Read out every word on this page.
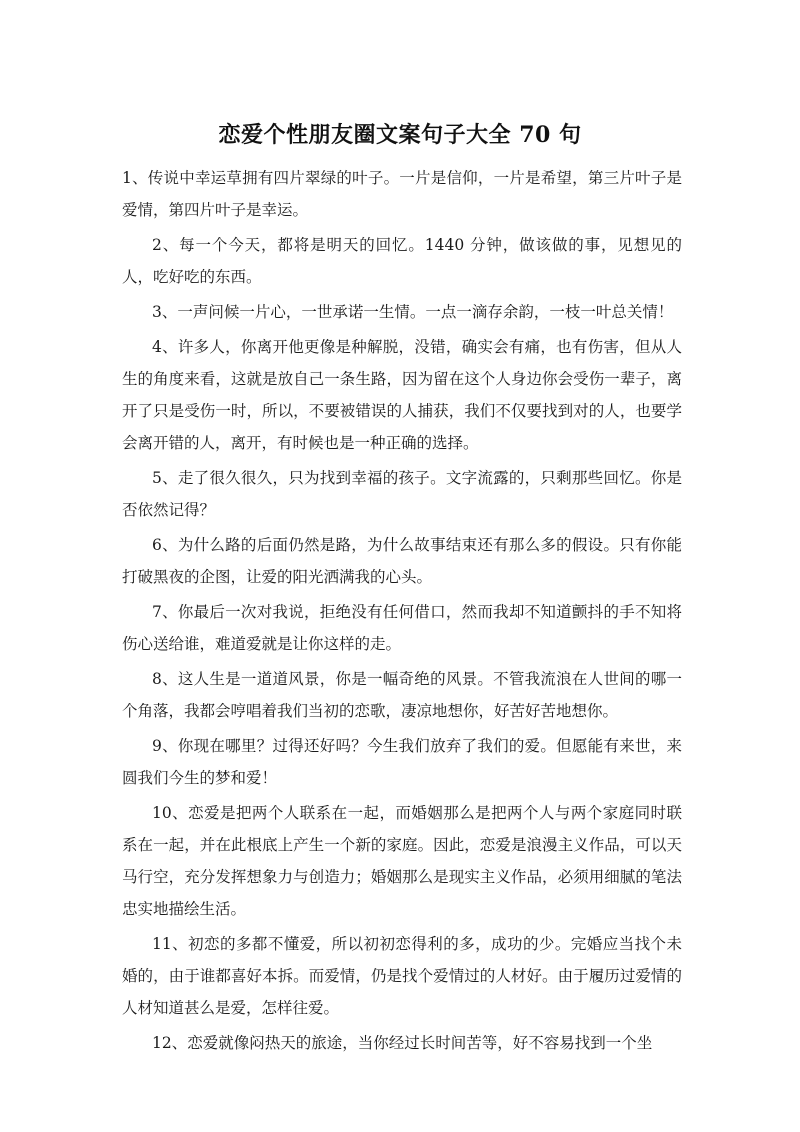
恋爱个性朋友圈文案句子大全 70 句

1、传说中幸运草拥有四片翠绿的叶子。一片是信仰，一片是希望，第三片叶子是爱情，第四片叶子是幸运。

2、每一个今天，都将是明天的回忆。1440 分钟，做该做的事，见想见的人，吃好吃的东西。

3、一声问候一片心，一世承诺一生情。一点一滴存余韵，一枝一叶总关情！

4、许多人，你离开他更像是种解脱，没错，确实会有痛，也有伤害，但从人生的角度来看，这就是放自己一条生路，因为留在这个人身边你会受伤一辈子，离开了只是受伤一时，所以，不要被错误的人捕获，我们不仅要找到对的人，也要学会离开错的人，离开，有时候也是一种正确的选择。

5、走了很久很久，只为找到幸福的孩子。文字流露的，只剩那些回忆。你是否依然记得？

6、为什么路的后面仍然是路，为什么故事结束还有那么多的假设。只有你能打破黑夜的企图，让爱的阳光洒满我的心头。

7、你最后一次对我说，拒绝没有任何借口，然而我却不知道颤抖的手不知将伤心送给谁，难道爱就是让你这样的走。

8、这人生是一道道风景，你是一幅奇绝的风景。不管我流浪在人世间的哪一个角落，我都会哼唱着我们当初的恋歌，凄凉地想你，好苦好苦地想你。

9、你现在哪里？过得还好吗？今生我们放弃了我们的爱。但愿能有来世，来圆我们今生的梦和爱！

10、恋爱是把两个人联系在一起，而婚姻那么是把两个人与两个家庭同时联系在一起，并在此根底上产生一个新的家庭。因此，恋爱是浪漫主义作品，可以天马行空，充分发挥想象力与创造力；婚姻那么是现实主义作品，必须用细腻的笔法忠实地描绘生活。

11、初恋的多都不懂爱，所以初初恋得利的多，成功的少。完婚应当找个未婚的，由于谁都喜好本拆。而爱情，仍是找个爱情过的人材好。由于履历过爱情的人材知道甚么是爱，怎样往爱。

12、恋爱就像闷热天的旅途，当你经过长时间苦等，好不容易找到一个坐
